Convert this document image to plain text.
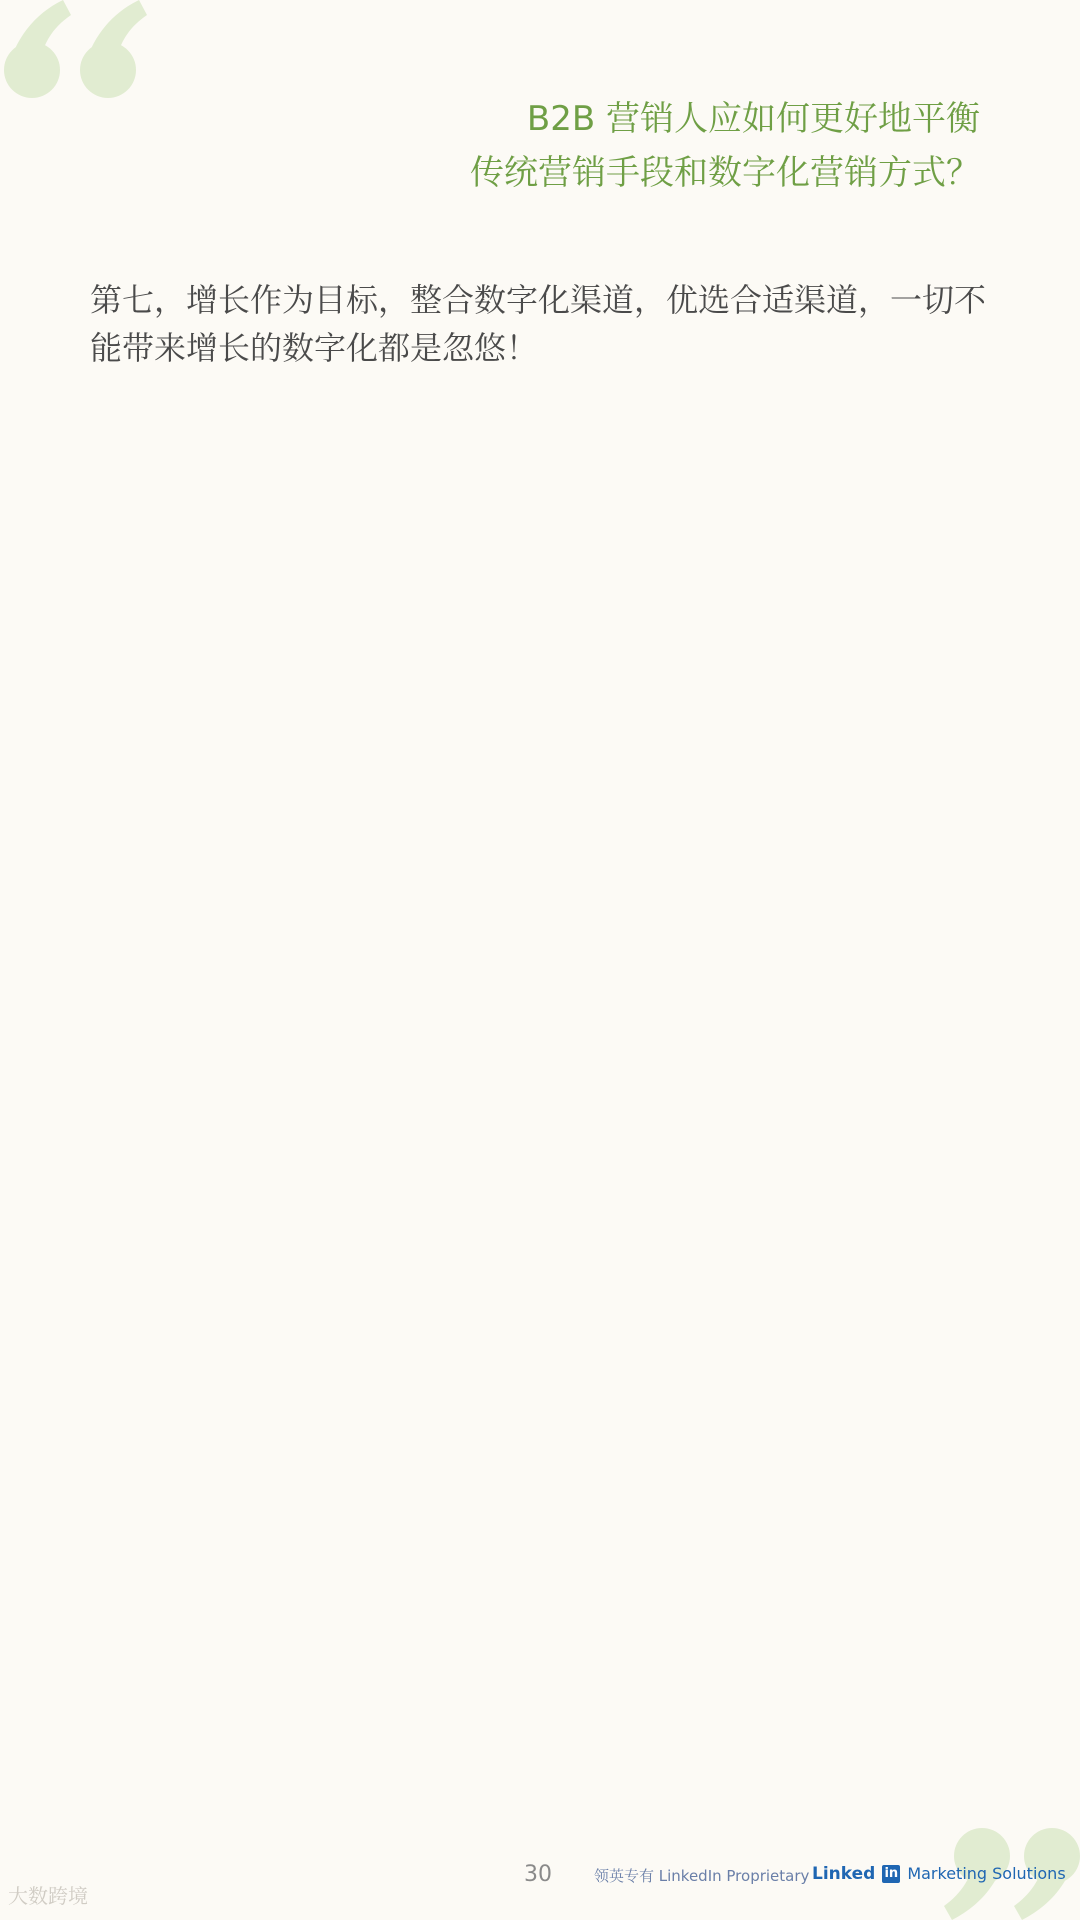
B2B 营销人应如何更好地平衡
传统营销手段和数字化营销方式？

第七，增长作为目标，整合数字化渠道，优选合适渠道，一切不能带来增长的数字化都是忽悠！

30	领英专有 LinkedIn Proprietary Linked in Marketing Solutions
大数跨境
